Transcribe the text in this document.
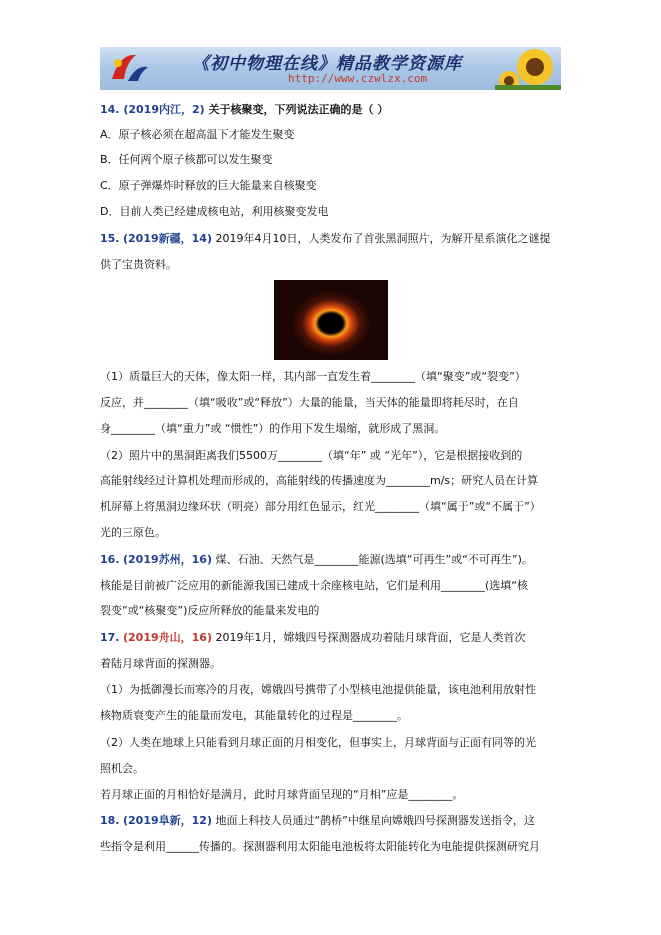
《初中物理在线》精品教学资源库
http://www.czwlzx.com
14. (2019内江，2) 关于核聚变，下列说法正确的是（ ）
A．原子核必须在超高温下才能发生聚变
B．任何两个原子核都可以发生聚变
C．原子弹爆炸时释放的巨大能量来自核聚变
D．目前人类已经建成核电站，利用核聚变发电
15. (2019新疆，14) 2019年4月10日，人类发布了首张黑洞照片，为解开星系演化之谜提
供了宝贵资料。
（1）质量巨大的天体，像太阳一样，其内部一直发生着________（填“聚变”或“裂变”）
反应，并________（填“吸收”或“释放”）大量的能量，当天体的能量即将耗尽时，在自
身________（填“重力”或 “惯性”）的作用下发生塌缩，就形成了黑洞。
（2）照片中的黑洞距离我们5500万________（填“年” 或 “光年”），它是根据接收到的
高能射线经过计算机处理而形成的，高能射线的传播速度为________m/s；研究人员在计算
机屏幕上将黑洞边缘环状（明亮）部分用红色显示，红光________（填“属于”或“不属于”）
光的三原色。
16. (2019苏州，16) 煤、石油、天然气是________能源(选填“可再生”或“不可再生”)。
核能是目前被广泛应用的新能源我国已建成十余座核电站，它们是利用________(选填“核
裂变”或“核聚变”)反应所释放的能量来发电的
17. (2019舟山，16) 2019年1月，嫦娥四号探测器成功着陆月球背面，它是人类首次
着陆月球背面的探测器。
（1）为抵御漫长而寒冷的月夜，嫦娥四号携带了小型核电池提供能量，该电池利用放射性
核物质衰变产生的能量而发电，其能量转化的过程是________。
（2）人类在地球上只能看到月球正面的月相变化，但事实上，月球背面与正面有同等的光
照机会。
若月球正面的月相恰好是满月，此时月球背面呈现的“月相”应是________。
18. (2019阜新，12) 地面上科技人员通过“鹊桥”中继星向嫦娥四号探测器发送指令，这
些指令是利用______传播的。探测器利用太阳能电池板将太阳能转化为电能提供探测研究月
